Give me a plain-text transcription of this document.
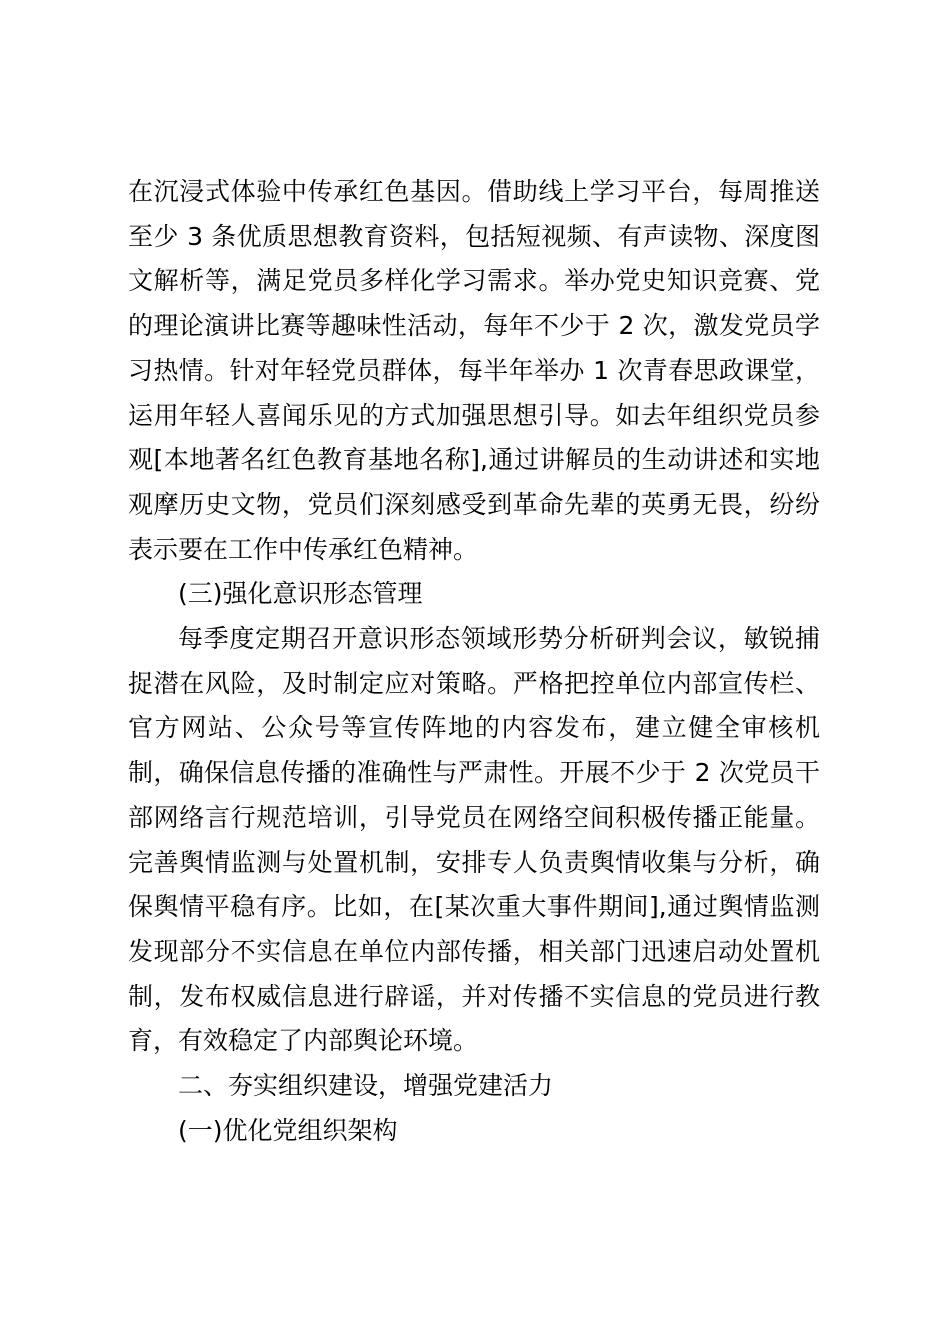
在沉浸式体验中传承红色基因。借助线上学习平台，每周推送
至少 3 条优质思想教育资料，包括短视频、有声读物、深度图
文解析等，满足党员多样化学习需求。举办党史知识竞赛、党
的理论演讲比赛等趣味性活动，每年不少于 2 次，激发党员学
习热情。针对年轻党员群体，每半年举办 1 次青春思政课堂，
运用年轻人喜闻乐见的方式加强思想引导。如去年组织党员参
观[本地著名红色教育基地名称],通过讲解员的生动讲述和实地
观摩历史文物，党员们深刻感受到革命先辈的英勇无畏，纷纷
表示要在工作中传承红色精神。
(三)强化意识形态管理
每季度定期召开意识形态领域形势分析研判会议，敏锐捕
捉潜在风险，及时制定应对策略。严格把控单位内部宣传栏、
官方网站、公众号等宣传阵地的内容发布，建立健全审核机
制，确保信息传播的准确性与严肃性。开展不少于 2 次党员干
部网络言行规范培训，引导党员在网络空间积极传播正能量。
完善舆情监测与处置机制，安排专人负责舆情收集与分析，确
保舆情平稳有序。比如，在[某次重大事件期间],通过舆情监测
发现部分不实信息在单位内部传播，相关部门迅速启动处置机
制，发布权威信息进行辟谣，并对传播不实信息的党员进行教
育，有效稳定了内部舆论环境。
二、夯实组织建设，增强党建活力
(一)优化党组织架构
